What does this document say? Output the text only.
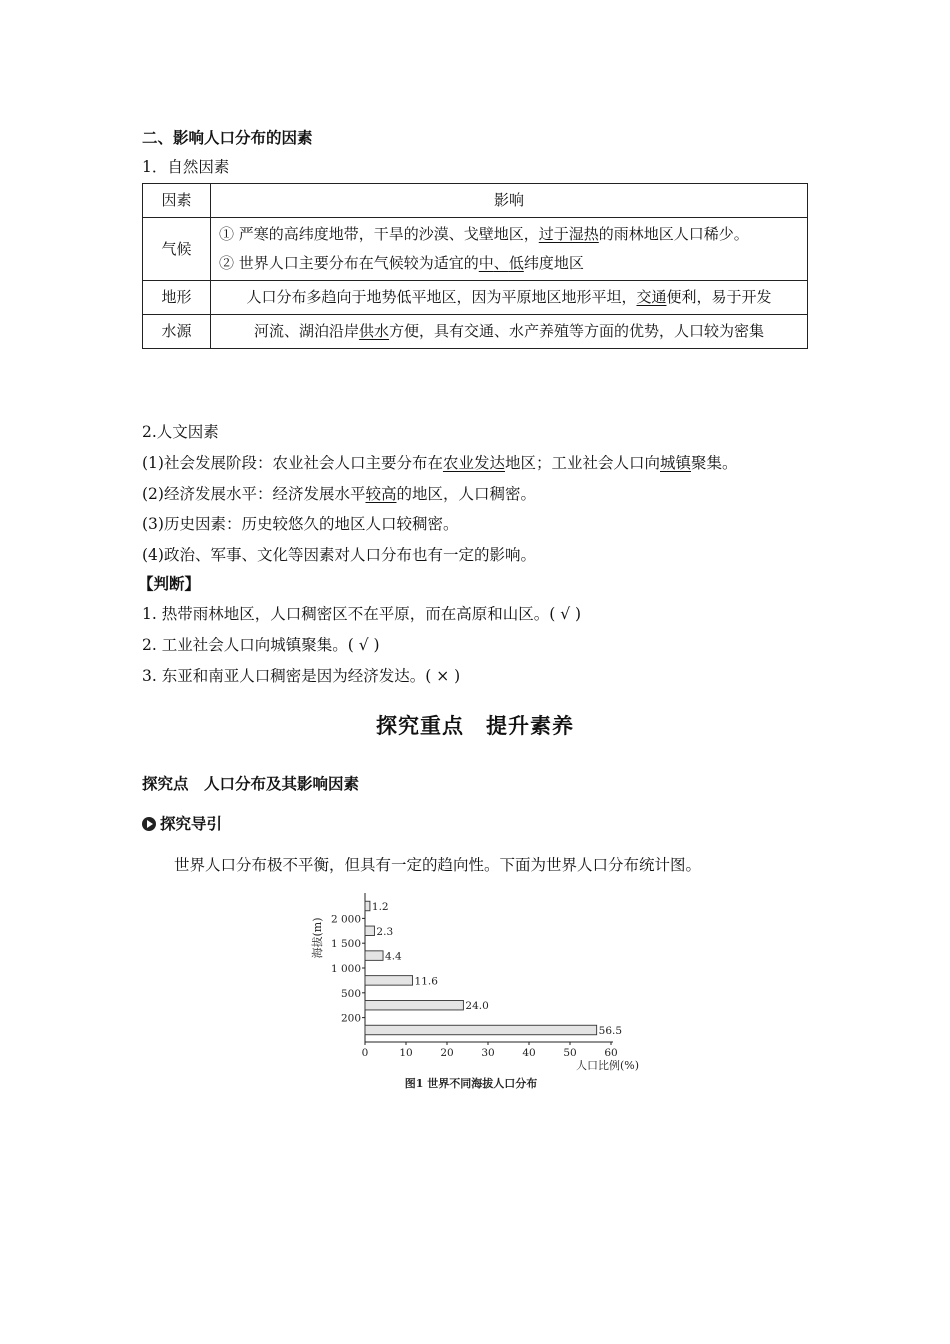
二、影响人口分布的因素
1．自然因素
因素	影响
气候	① 严寒的高纬度地带，干旱的沙漠、戈壁地区，过于湿热的雨林地区人口稀少。
② 世界人口主要分布在气候较为适宜的中、低纬度地区

地形	人口分布多趋向于地势低平地区，因为平原地区地形平坦，交通便利，易于开发
水源	河流、湖泊沿岸供水方便，具有交通、水产养殖等方面的优势，人口较为密集
2.人文因素
(1)社会发展阶段：农业社会人口主要分布在农业发达地区；工业社会人口向城镇聚集。
(2)经济发展水平：经济发展水平较高的地区，人口稠密。
(3)历史因素：历史较悠久的地区人口较稠密。
(4)政治、军事、文化等因素对人口分布也有一定的影响。
【判断】
1. 热带雨林地区，人口稠密区不在平原，而在高原和山区。( √ )
2. 工业社会人口向城镇聚集。( √ )
3. 东亚和南亚人口稠密是因为经济发达。( × )
探究重点　提升素养
探究点　人口分布及其影响因素
探究导引
世界人口分布极不平衡，但具有一定的趋向性。下面为世界人口分布统计图。
0	10	20	30	40	50	60
56.5
24.0
11.6
4.4
2.3
1.2
200
500
1 000
1 500
2 000
海拔(m)
人口比例(%)
图1 世界不同海拔人口分布
